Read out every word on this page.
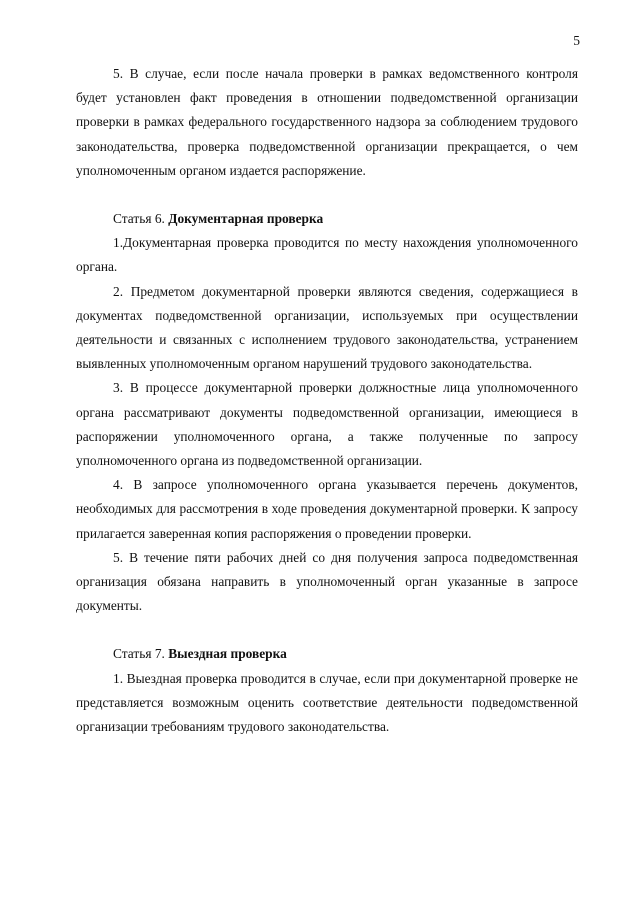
5

5. В случае, если после начала проверки в рамках ведомственного контроля будет установлен факт проведения в отношении подведомственной организации проверки в рамках федерального государственного надзора за соблюдением трудового законодательства, проверка подведомственной организации прекращается, о чем уполномоченным органом издается распоряжение.

Статья 6. Документарная проверка

1.Документарная проверка проводится по месту нахождения уполномоченного органа.

2. Предметом документарной проверки являются сведения, содержащиеся в документах подведомственной организации, используемых при осуществлении деятельности и связанных с исполнением трудового законодательства, устранением выявленных уполномоченным органом нарушений трудового законодательства.

3. В процессе документарной проверки должностные лица уполномоченного органа рассматривают документы подведомственной организации, имеющиеся в распоряжении уполномоченного органа, а также полученные по запросу уполномоченного органа из подведомственной организации.

4. В запросе уполномоченного органа указывается перечень документов, необходимых для рассмотрения в ходе проведения документарной проверки. К запросу прилагается заверенная копия распоряжения о проведении проверки.

5. В течение пяти рабочих дней со дня получения запроса подведомственная организация обязана направить в уполномоченный орган указанные в запросе документы.

Статья 7. Выездная проверка

1. Выездная проверка проводится в случае, если при документарной проверке не представляется возможным оценить соответствие деятельности подведомственной организации требованиям трудового законодательства.
